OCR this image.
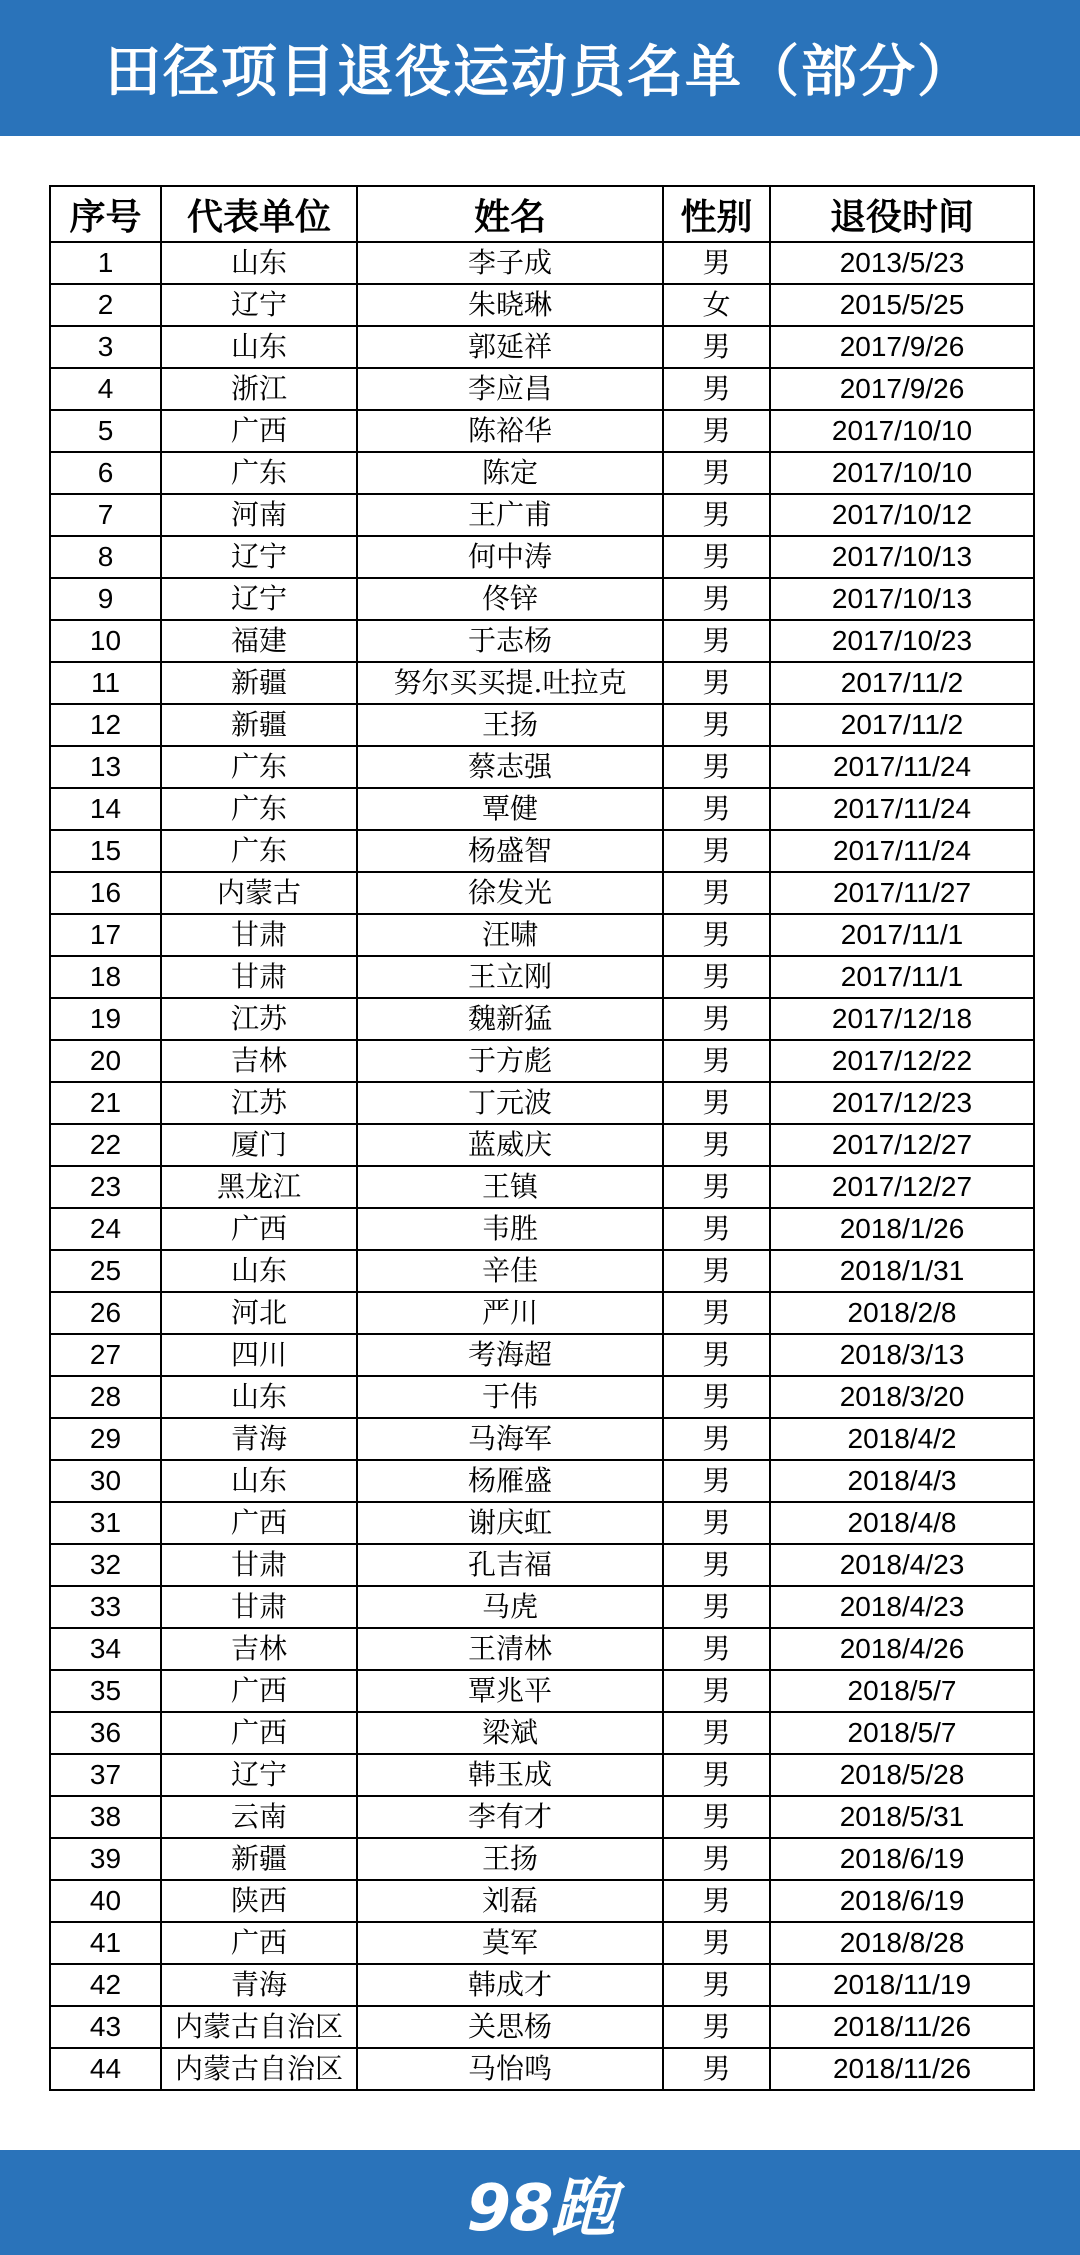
田径项目退役运动员名单（部分）
序号	代表单位	姓名	性别	退役时间
1	山东	李子成	男	2013/5/23
2	辽宁	朱晓琳	女	2015/5/25
3	山东	郭延祥	男	2017/9/26
4	浙江	李应昌	男	2017/9/26
5	广西	陈裕华	男	2017/10/10
6	广东	陈定	男	2017/10/10
7	河南	王广甫	男	2017/10/12
8	辽宁	何中涛	男	2017/10/13
9	辽宁	佟锌	男	2017/10/13
10	福建	于志杨	男	2017/10/23
11	新疆	努尔买买提.吐拉克	男	2017/11/2
12	新疆	王扬	男	2017/11/2
13	广东	蔡志强	男	2017/11/24
14	广东	覃健	男	2017/11/24
15	广东	杨盛智	男	2017/11/24
16	内蒙古	徐发光	男	2017/11/27
17	甘肃	汪啸	男	2017/11/1
18	甘肃	王立刚	男	2017/11/1
19	江苏	魏新猛	男	2017/12/18
20	吉林	于方彪	男	2017/12/22
21	江苏	丁元波	男	2017/12/23
22	厦门	蓝威庆	男	2017/12/27
23	黑龙江	王镇	男	2017/12/27
24	广西	韦胜	男	2018/1/26
25	山东	辛佳	男	2018/1/31
26	河北	严川	男	2018/2/8
27	四川	考海超	男	2018/3/13
28	山东	于伟	男	2018/3/20
29	青海	马海军	男	2018/4/2
30	山东	杨雁盛	男	2018/4/3
31	广西	谢庆虹	男	2018/4/8
32	甘肃	孔吉福	男	2018/4/23
33	甘肃	马虎	男	2018/4/23
34	吉林	王清林	男	2018/4/26
35	广西	覃兆平	男	2018/5/7
36	广西	梁斌	男	2018/5/7
37	辽宁	韩玉成	男	2018/5/28
38	云南	李有才	男	2018/5/31
39	新疆	王扬	男	2018/6/19
40	陕西	刘磊	男	2018/6/19
41	广西	莫军	男	2018/8/28
42	青海	韩成才	男	2018/11/19
43	内蒙古自治区	关思杨	男	2018/11/26
44	内蒙古自治区	马怡鸣	男	2018/11/26
98跑
